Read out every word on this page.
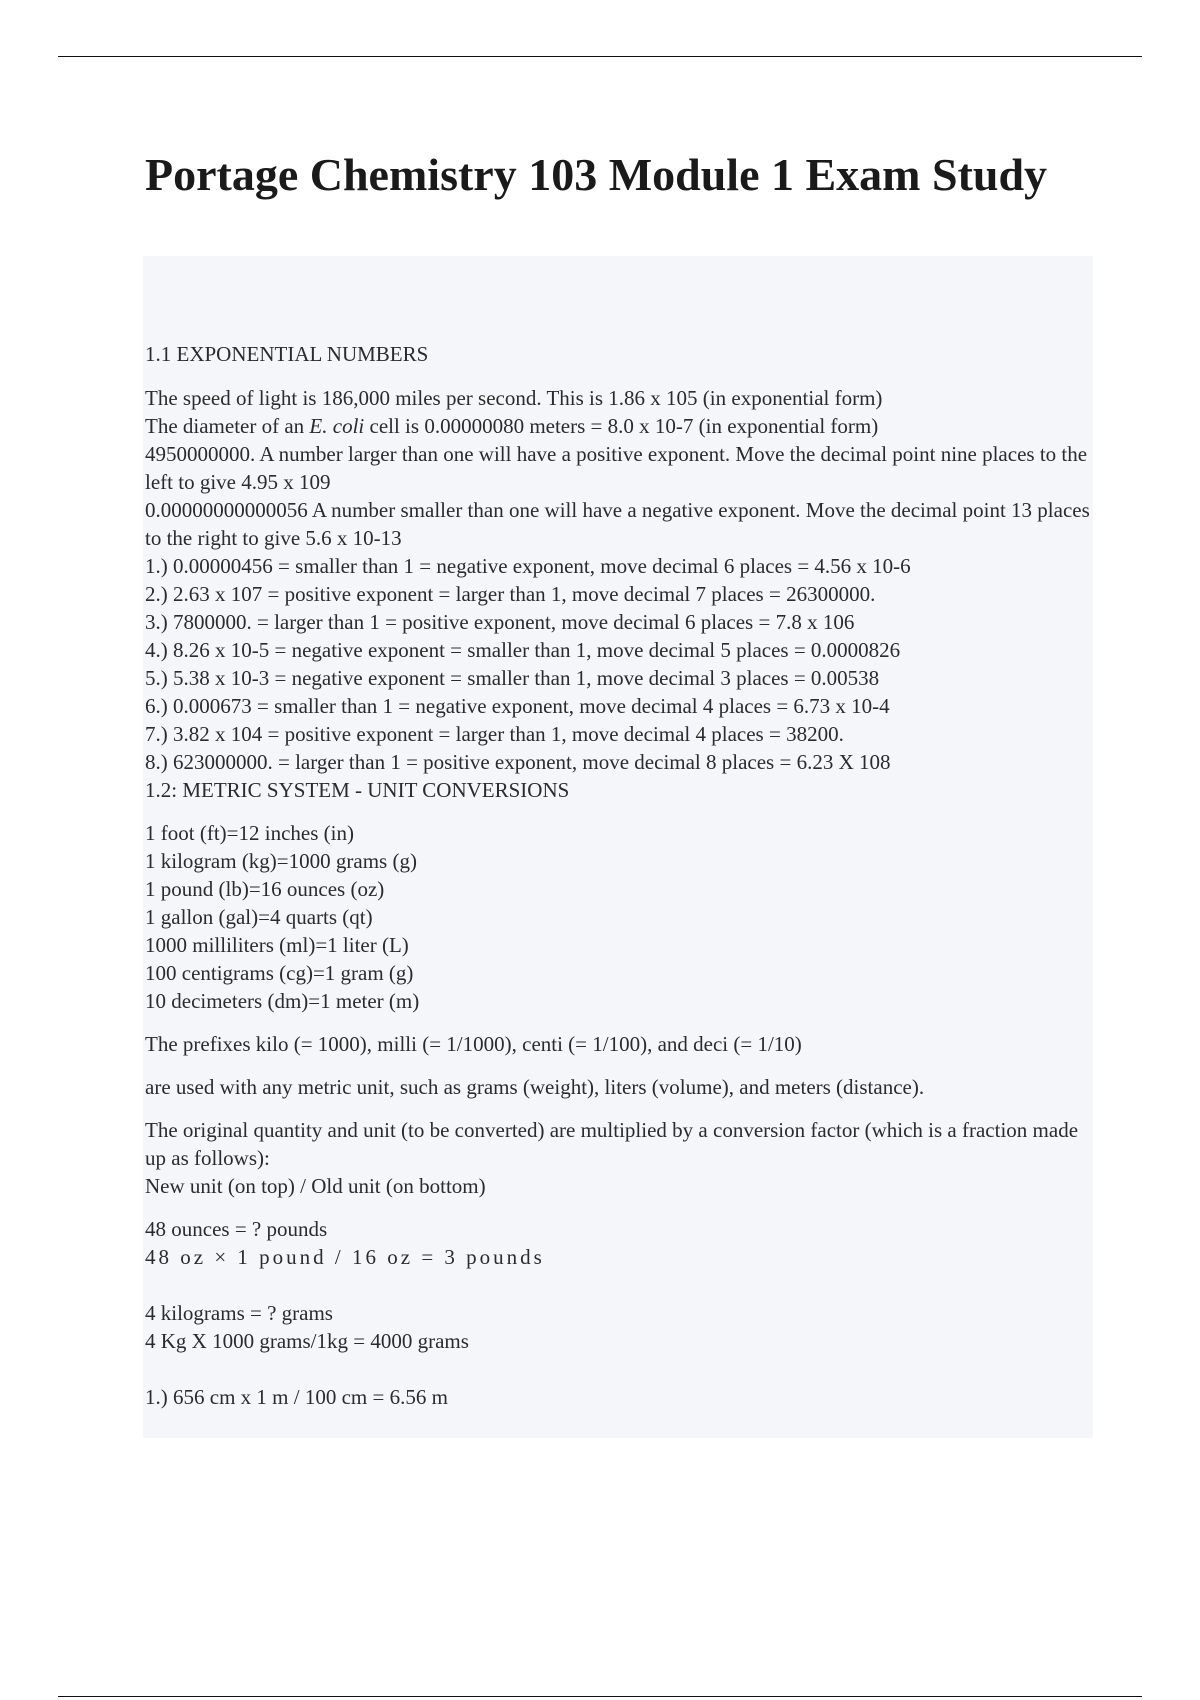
Portage Chemistry 103 Module 1 Exam Study
1.1 EXPONENTIAL NUMBERS
The speed of light is 186,000 miles per second. This is 1.86 x 105 (in exponential form)
The diameter of an E. coli cell is 0.00000080 meters = 8.0 x 10-7 (in exponential form)
4950000000. A number larger than one will have a positive exponent. Move the decimal point nine places to the left to give 4.95 x 109
0.00000000000056 A number smaller than one will have a negative exponent. Move the decimal point 13 places to the right to give 5.6 x 10-13
1.) 0.00000456 = smaller than 1 = negative exponent, move decimal 6 places = 4.56 x 10-6
2.) 2.63 x 107 = positive exponent = larger than 1, move decimal 7 places = 26300000.
3.) 7800000. = larger than 1 = positive exponent, move decimal 6 places = 7.8 x 106
4.) 8.26 x 10-5 = negative exponent = smaller than 1, move decimal 5 places = 0.0000826
5.) 5.38 x 10-3 = negative exponent = smaller than 1, move decimal 3 places = 0.00538
6.) 0.000673 = smaller than 1 = negative exponent, move decimal 4 places = 6.73 x 10-4
7.) 3.82 x 104 = positive exponent = larger than 1, move decimal 4 places = 38200.
8.) 623000000. = larger than 1 = positive exponent, move decimal 8 places = 6.23 X 108
1.2: METRIC SYSTEM - UNIT CONVERSIONS
1 foot (ft)=12 inches (in)
1 kilogram (kg)=1000 grams (g)
1 pound (lb)=16 ounces (oz)
1 gallon (gal)=4 quarts (qt)
1000 milliliters (ml)=1 liter (L)
100 centigrams (cg)=1 gram (g)
10 decimeters (dm)=1 meter (m)
The prefixes kilo (= 1000), milli (= 1/1000), centi (= 1/100), and deci (= 1/10)
are used with any metric unit, such as grams (weight), liters (volume), and meters (distance).
The original quantity and unit (to be converted) are multiplied by a conversion factor (which is a fraction made up as follows):
New unit (on top) / Old unit (on bottom)
48 ounces = ? pounds
48 oz × 1 pound / 16 oz = 3 pounds
4 kilograms = ? grams
4 Kg X 1000 grams/1kg = 4000 grams
1.) 656 cm x 1 m / 100 cm = 6.56 m
